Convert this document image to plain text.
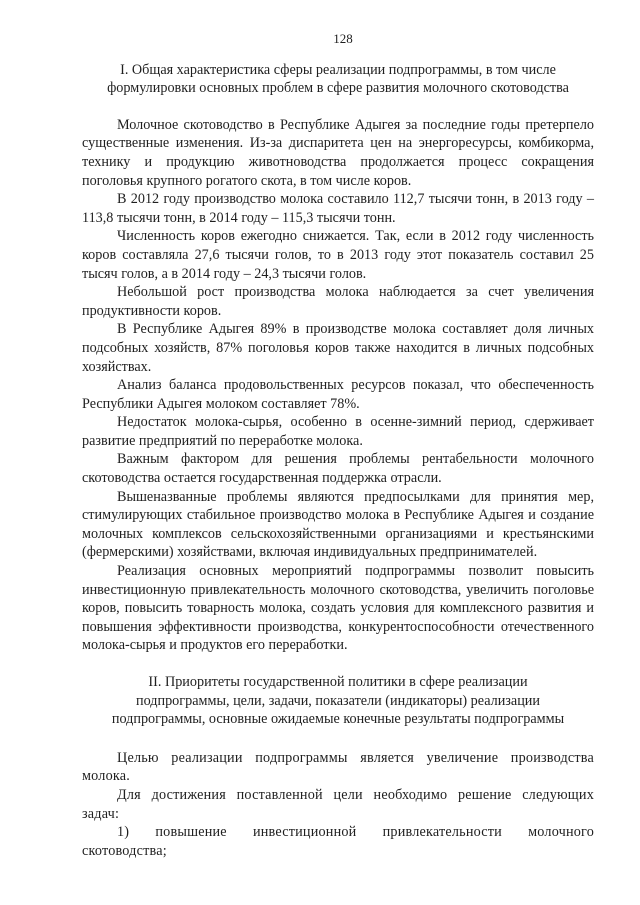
128
I. Общая характеристика сферы реализации подпрограммы, в том числе
формулировки основных проблем в сфере развития молочного скотоводства

Молочное скотоводство в Республике Адыгея за последние годы претерпело существенные изменения. Из-за диспаритета цен на энергоресурсы, комбикорма, технику и продукцию животноводства продолжается процесс сокращения поголовья крупного рогатого скота, в том числе коров.

В 2012 году производство молока составило 112,7 тысячи тонн, в 2013 году – 113,8 тысячи тонн, в 2014 году – 115,3 тысячи тонн.

Численность коров ежегодно снижается. Так, если в 2012 году численность коров составляла 27,6 тысячи голов, то в 2013 году этот показатель составил 25 тысяч голов, а в 2014 году – 24,3 тысячи голов.

Небольшой рост производства молока наблюдается за счет увеличения продуктивности коров.

В Республике Адыгея 89% в производстве молока составляет доля личных подсобных хозяйств, 87% поголовья коров также находится в личных подсобных хозяйствах.

Анализ баланса продовольственных ресурсов показал, что обеспеченность Республики Адыгея молоком составляет 78%.

Недостаток молока-сырья, особенно в осенне-зимний период, сдерживает развитие предприятий по переработке молока.

Важным фактором для решения проблемы рентабельности молочного скотоводства остается государственная поддержка отрасли.

Вышеназванные проблемы являются предпосылками для принятия мер, стимулирующих стабильное производство молока в Республике Адыгея и создание молочных комплексов сельскохозяйственными организациями и крестьянскими (фермерскими) хозяйствами, включая индивидуальных предпринимателей.

Реализация основных мероприятий подпрограммы позволит повысить инвестиционную привлекательность молочного скотоводства, увеличить поголовье коров, повысить товарность молока, создать условия для комплексного развития и повышения эффективности производства, конкурентоспособности отечественного молока-сырья и продуктов его переработки.

II. Приоритеты государственной политики в сфере реализации
подпрограммы, цели, задачи, показатели (индикаторы) реализации
подпрограммы, основные ожидаемые конечные результаты подпрограммы

Целью реализации подпрограммы является увеличение производства молока.

Для достижения поставленной цели необходимо решение следующих задач:

1) повышение инвестиционной привлекательности молочного скотоводства;
